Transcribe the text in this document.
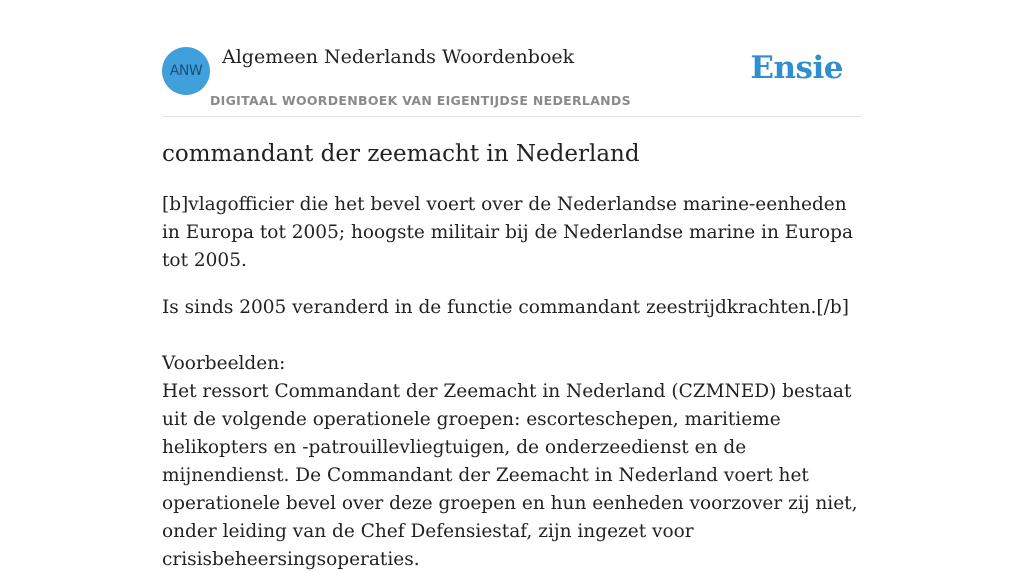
ANW
Algemeen Nederlands Woordenboek
DIGITAAL WOORDENBOEK VAN EIGENTIJDSE NEDERLANDS
Ensie
commandant der zeemacht in Nederland

[b]vlagofficier die het bevel voert over de Nederlandse marine-eenheden in Europa tot 2005; hoogste militair bij de Nederlandse marine in Europa tot 2005.

Is sinds 2005 veranderd in de functie commandant zeestrijdkrachten.[/b]

Voorbeelden:

Het ressort Commandant der Zeemacht in Nederland (CZMNED) bestaat uit de volgende operationele groepen: escorteschepen, maritieme helikopters en -patrouillevliegtuigen, de onderzeedienst en de mijnendienst. De Commandant der Zeemacht in Nederland voert het operationele bevel over deze groepen en hun eenheden voorzover zij niet, onder leiding van de Chef Defensiestaf, zijn ingezet voor crisisbeheersingsoperaties.
